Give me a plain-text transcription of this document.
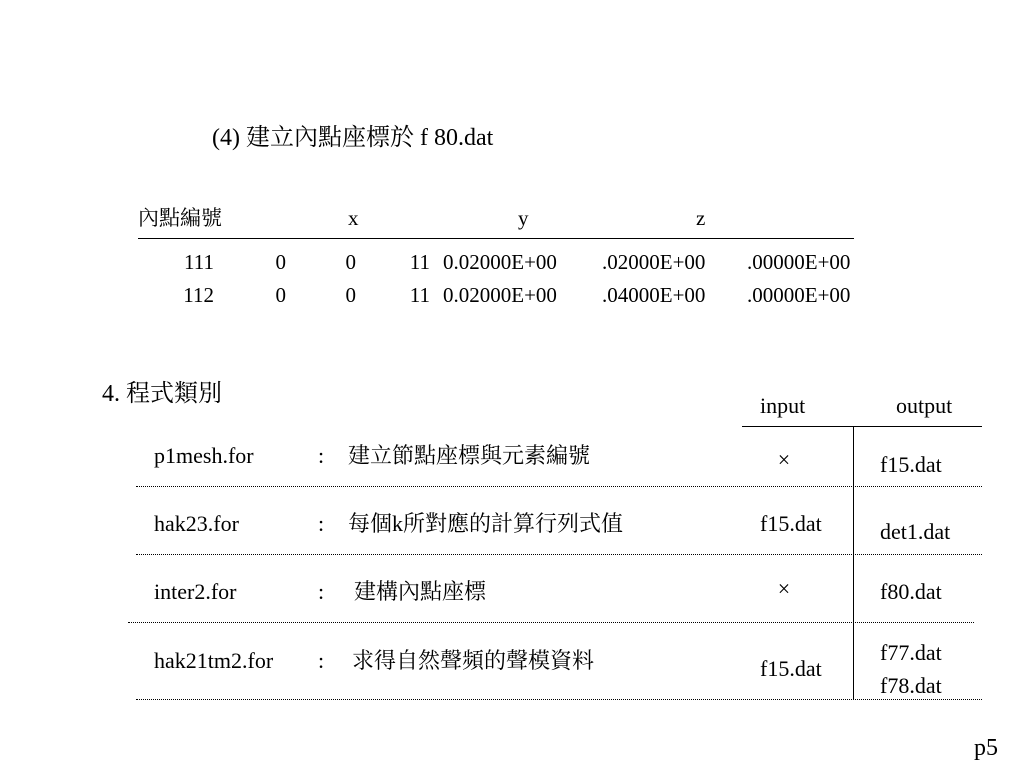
(4) 建立內點座標於 f 80.dat
內點編號	x	y	z
111	0	0	11 0.02000E+00 .02000E+00 .00000E+00
112	0	0	11 0.02000E+00 .04000E+00 .00000E+00
4. 程式類別	input	output
p1mesh.for	: 建立節點座標與元素編號	×	f15.dat
hak23.for	: 每個k所對應的計算行列式值	f15.dat	det1.dat
inter2.for	: 建構內點座標	×	f80.dat
hak21tm2.for : 求得自然聲頻的聲模資料	f15.dat
f77.dat
f78.dat
p5
